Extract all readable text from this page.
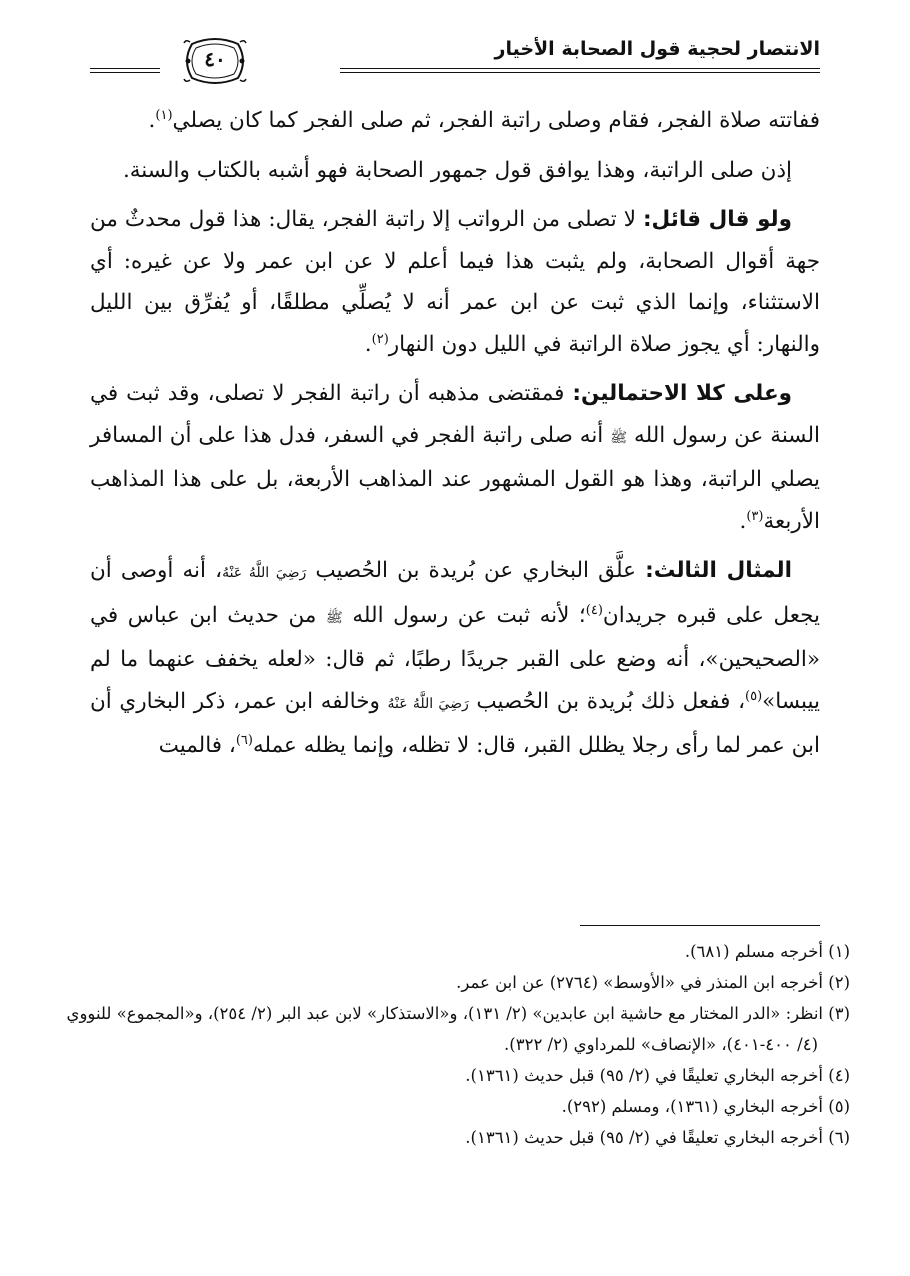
الانتصار لحجية قول الصحابة الأخيار
٤٠

ففاتته صلاة الفجر، فقام وصلى راتبة الفجر، ثم صلى الفجر كما كان يصلي$^{(١)}$.

إذن صلى الراتبة، وهذا يوافق قول جمهور الصحابة فهو أشبه بالكتاب والسنة.

ولو قال قائل: لا تصلى من الرواتب إلا راتبة الفجر، يقال: هذا قول محدثٌ من جهة أقوال الصحابة، ولم يثبت هذا فيما أعلم لا عن ابن عمر ولا عن غيره: أي الاستثناء، وإنما الذي ثبت عن ابن عمر أنه لا يُصلِّي مطلقًا، أو يُفرِّق بين الليل والنهار: أي يجوز صلاة الراتبة في الليل دون النهار$^{(٢)}$.

وعلى كلا الاحتمالين: فمقتضى مذهبه أن راتبة الفجر لا تصلى، وقد ثبت في السنة عن رسول الله ﷺ أنه صلى راتبة الفجر في السفر، فدل هذا على أن المسافر يصلي الراتبة، وهذا هو القول المشهور عند المذاهب الأربعة، بل على هذا المذاهب الأربعة$^{(٣)}$.

المثال الثالث: علَّق البخاري عن بُريدة بن الحُصيب رَضِيَ اللَّهُ عَنْهُ، أنه أوصى أن يجعل على قبره جريدان$^{(٤)}$؛ لأنه ثبت عن رسول الله ﷺ من حديث ابن عباس في «الصحيحين»، أنه وضع على القبر جريدًا رطبًا، ثم قال: «لعله يخفف عنهما ما لم ييبسا»$^{(٥)}$، ففعل ذلك بُريدة بن الحُصيب رَضِيَ اللَّهُ عَنْهُ وخالفه ابن عمر، ذكر البخاري أن ابن عمر لما رأى رجلا يظلل القبر، قال: لا تظله، وإنما يظله عمله$^{(٦)}$، فالميت

(١) أخرجه مسلم (٦٨١).

(٢) أخرجه ابن المنذر في «الأوسط» (٢٧٦٤) عن ابن عمر.

(٣) انظر: «الدر المختار مع حاشية ابن عابدين» (٢/ ١٣١)، و«الاستذكار» لابن عبد البر (٢/ ٢٥٤)، و«المجموع» للنووي (٤/ ٤٠٠-٤٠١)، «الإنصاف» للمرداوي (٢/ ٣٢٢).

(٤) أخرجه البخاري تعليقًا في (٢/ ٩٥) قبل حديث (١٣٦١).

(٥) أخرجه البخاري (١٣٦١)، ومسلم (٢٩٢).

(٦) أخرجه البخاري تعليقًا في (٢/ ٩٥) قبل حديث (١٣٦١).
